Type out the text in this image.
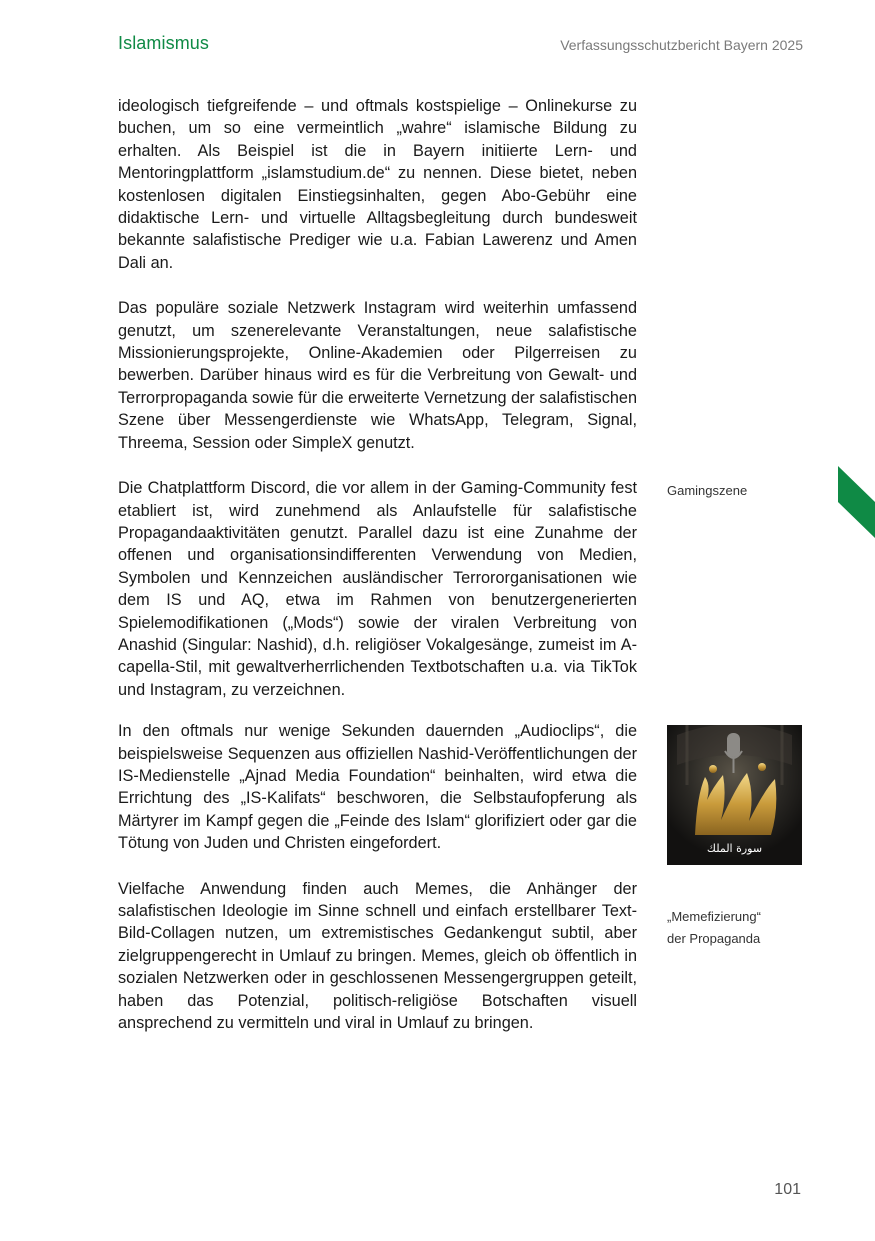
Islamismus	Verfassungsschutzbericht Bayern 2025

ideologisch tiefgreifende – und oftmals kostspielige – Onlinekurse zu buchen, um so eine vermeintlich „wahre“ islamische Bildung zu erhalten. Als Beispiel ist die in Bayern initiierte Lern- und Mentoringplattform „islamstudium.de“ zu nennen. Diese bietet, neben kostenlosen digitalen Einstiegsinhalten, gegen Abo-Gebühr eine didaktische Lern- und virtuelle Alltagsbegleitung durch bundesweit bekannte salafistische Prediger wie u.a. Fabian Lawerenz und Amen Dali an.

Das populäre soziale Netzwerk Instagram wird weiterhin umfassend genutzt, um szenerelevante Veranstaltungen, neue salafistische Missionierungsprojekte, Online-Akademien oder Pilgerreisen zu bewerben. Darüber hinaus wird es für die Verbreitung von Gewalt- und Terrorpropaganda sowie für die erweiterte Vernetzung der salafistischen Szene über Messengerdienste wie WhatsApp, Telegram, Signal, Threema, Session oder SimpleX genutzt.

Die Chatplattform Discord, die vor allem in der Gaming-Community fest etabliert ist, wird zunehmend als Anlaufstelle für salafistische Propagandaaktivitäten genutzt. Parallel dazu ist eine Zunahme der offenen und organisationsindifferenten Verwendung von Medien, Symbolen und Kennzeichen ausländischer Terrororganisationen wie dem IS und AQ, etwa im Rahmen von benutzergenerierten Spielemodifikationen („Mods“) sowie der viralen Verbreitung von Anashid (Singular: Nashid), d.h. religiöser Vokalgesänge, zumeist im A-capella-Stil, mit gewaltverherrlichenden Textbotschaften u.a. via TikTok und Instagram, zu verzeichnen.

In den oftmals nur wenige Sekunden dauernden „Audioclips“, die beispielsweise Sequenzen aus offiziellen Nashid-Veröffentlichungen der IS-Medienstelle „Ajnad Media Foundation“ beinhalten, wird etwa die Errichtung des „IS-Kalifats“ beschworen, die Selbstaufopferung als Märtyrer im Kampf gegen die „Feinde des Islam“ glorifiziert oder gar die Tötung von Juden und Christen eingefordert.

Vielfache Anwendung finden auch Memes, die Anhänger der salafistischen Ideologie im Sinne schnell und einfach erstellbarer Text-Bild-Collagen nutzen, um extremistisches Gedankengut subtil, aber zielgruppengerecht in Umlauf zu bringen. Memes, gleich ob öffentlich in sozialen Netzwerken oder in geschlossenen Messengergruppen geteilt, haben das Potenzial, politisch-religiöse Botschaften visuell ansprechend zu vermitteln und viral in Umlauf zu bringen.

Gamingszene
„Memefizierung“
der Propaganda
سورة الملك
101
